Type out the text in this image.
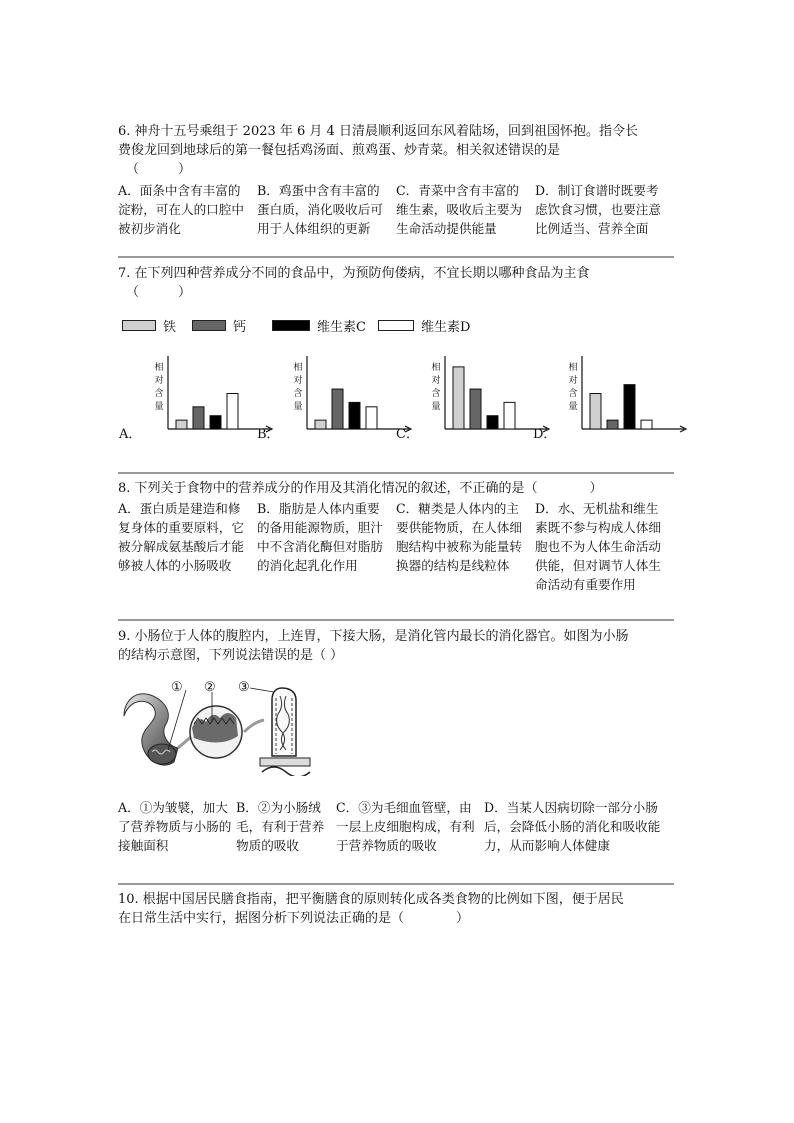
6. 神舟十五号乘组于 2023 年 6 月 4 日清晨顺利返回东风着陆场，回到祖国怀抱。指令长
费俊龙回到地球后的第一餐包括鸡汤面、煎鸡蛋、炒青菜。相关叙述错误的是
（　　　）
A．面条中含有丰富的淀粉，可在人的口腔中被初步消化
B．鸡蛋中含有丰富的蛋白质，消化吸收后可用于人体组织的更新
C．青菜中含有丰富的维生素，吸收后主要为生命活动提供能量
D．制订食谱时既要考虑饮食习惯，也要注意比例适当、营养全面
7. 在下列四种营养成分不同的食品中，为预防佝偻病，不宜长期以哪种食品为主食
（　　　）
铁	钙	维生素C	维生素D
A．	B．	C．	D．
相对含量
相对含量
相对含量
相对含量
8. 下列关于食物中的营养成分的作用及其消化情况的叙述，不正确的是（　　　　）
A．蛋白质是建造和修复身体的重要原料，它被分解成氨基酸后才能够被人体的小肠吸收
B．脂肪是人体内重要的备用能源物质，胆汁中不含消化酶但对脂肪的消化起乳化作用
C．糖类是人体内的主要供能物质，在人体细胞结构中被称为能量转换器的结构是线粒体
D．水、无机盐和维生素既不参与构成人体细胞也不为人体生命活动供能，但对调节人体生命活动有重要作用
9. 小肠位于人体的腹腔内，上连胃，下接大肠，是消化管内最长的消化器官。如图为小肠
的结构示意图，下列说法错误的是（ ）
① ② ③
A．①为皱襞，加大了营养物质与小肠的接触面积
B．②为小肠绒毛，有利于营养物质的吸收
C．③为毛细血管壁，由一层上皮细胞构成，有利于营养物质的吸收
D．当某人因病切除一部分小肠后，会降低小肠的消化和吸收能力，从而影响人体健康
10. 根据中国居民膳食指南，把平衡膳食的原则转化成各类食物的比例如下图，便于居民
在日常生活中实行，据图分析下列说法正确的是（　　　　）
